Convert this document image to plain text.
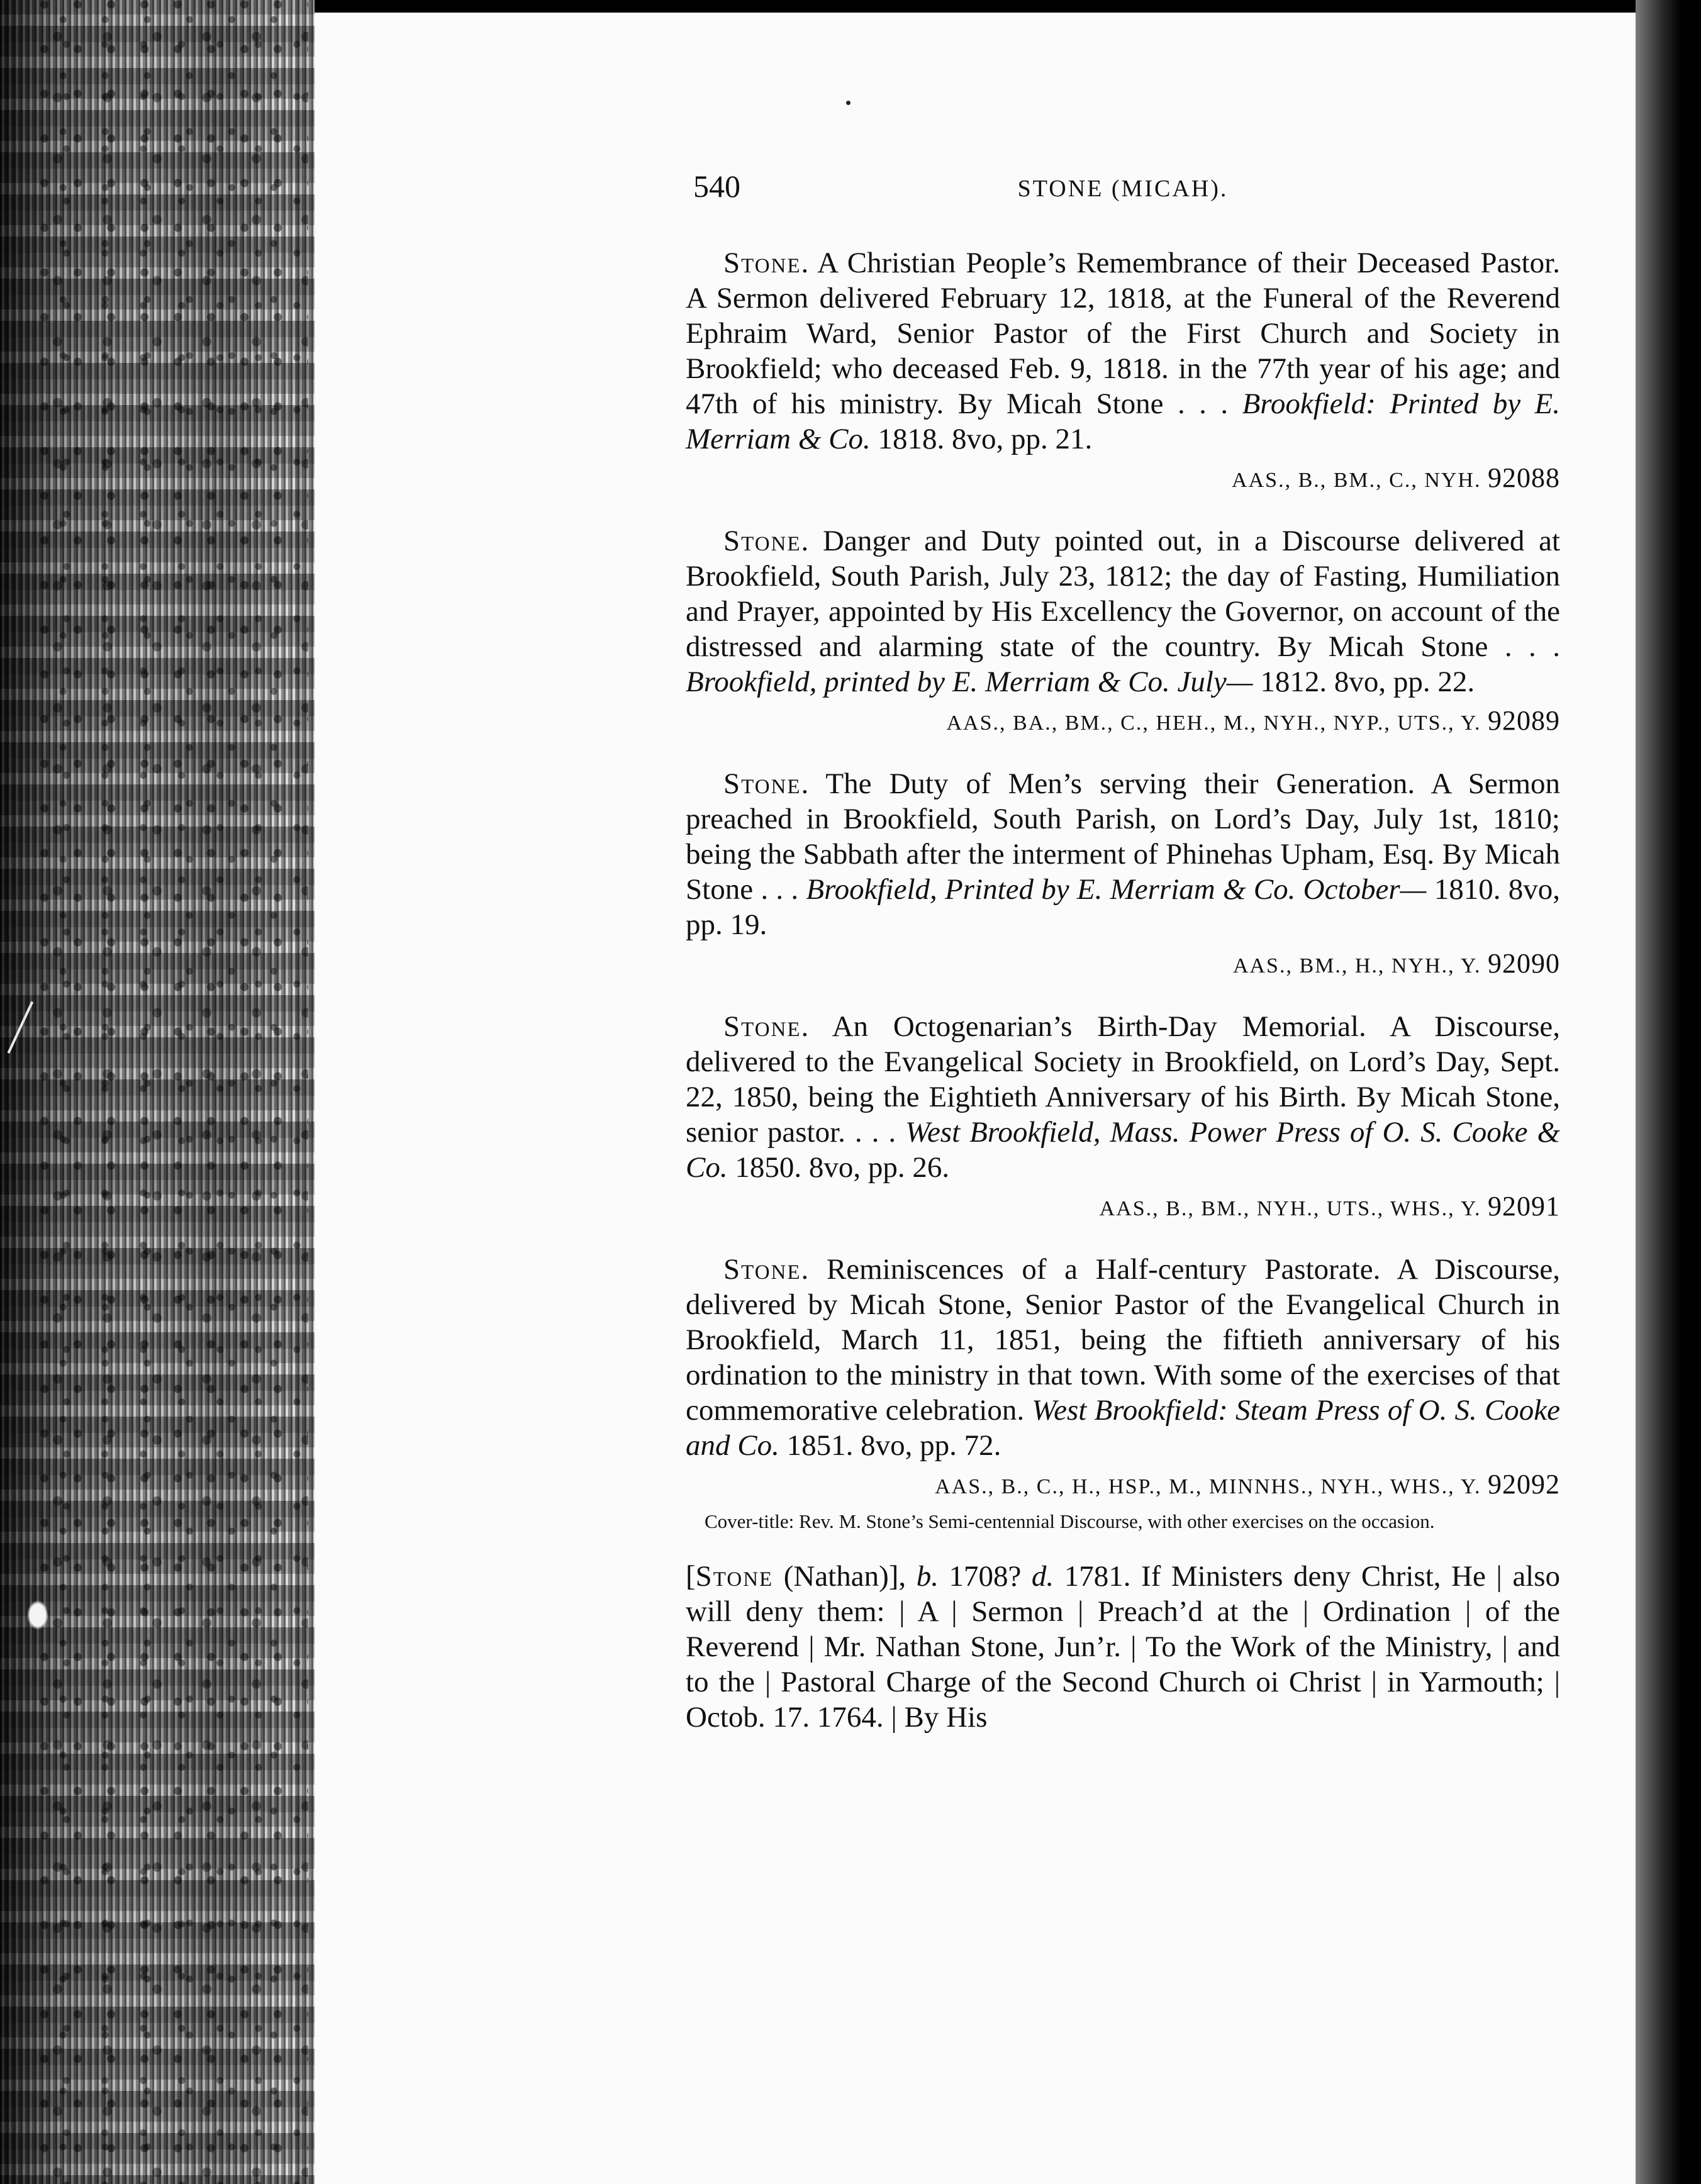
540	STONE (MICAH).

Stone. A Christian People’s Remembrance of their Deceased Pastor. A Sermon delivered February 12, 1818, at the Funeral of the Reverend Ephraim Ward, Senior Pastor of the First Church and Society in Brookfield; who deceased Feb. 9, 1818. in the 77th year of his age; and 47th of his ministry. By Micah Stone . . . Brookfield: Printed by E. Merriam & Co. 1818. 8vo, pp. 21.

AAS., B., BM., C., NYH. 92088

Stone. Danger and Duty pointed out, in a Discourse delivered at Brookfield, South Parish, July 23, 1812; the day of Fasting, Humiliation and Prayer, appointed by His Excellency the Governor, on account of the distressed and alarming state of the country. By Micah Stone . . . Brookfield, printed by E. Merriam & Co. July— 1812. 8vo, pp. 22.

AAS., BA., BM., C., HEH., M., NYH., NYP., UTS., Y. 92089

Stone. The Duty of Men’s serving their Generation. A Sermon preached in Brookfield, South Parish, on Lord’s Day, July 1st, 1810; being the Sabbath after the interment of Phinehas Upham, Esq. By Micah Stone . . . Brookfield, Printed by E. Merriam & Co. October— 1810. 8vo, pp. 19.

AAS., BM., H., NYH., Y. 92090

Stone. An Octogenarian’s Birth-Day Memorial. A Discourse, delivered to the Evangelical Society in Brookfield, on Lord’s Day, Sept. 22, 1850, being the Eightieth Anniversary of his Birth. By Micah Stone, senior pastor. . . . West Brookfield, Mass. Power Press of O. S. Cooke & Co. 1850. 8vo, pp. 26.

AAS., B., BM., NYH., UTS., WHS., Y. 92091

Stone. Reminiscences of a Half-century Pastorate. A Discourse, delivered by Micah Stone, Senior Pastor of the Evangelical Church in Brookfield, March 11, 1851, being the fiftieth anniversary of his ordination to the ministry in that town. With some of the exercises of that commemorative celebration. West Brookfield: Steam Press of O. S. Cooke and Co. 1851. 8vo, pp. 72.

AAS., B., C., H., HSP., M., MINNHS., NYH., WHS., Y. 92092
Cover-title: Rev. M. Stone’s Semi-centennial Discourse, with other exercises on the occasion.

[Stone (Nathan)], b. 1708? d. 1781. If Ministers deny Christ, He | also will deny them: | A | Sermon | Preach’d at the | Ordination | of the Reverend | Mr. Nathan Stone, Jun’r. | To the Work of the Ministry, | and to the | Pastoral Charge of the Second Church oi Christ | in Yarmouth; | Octob. 17. 1764. | By His
